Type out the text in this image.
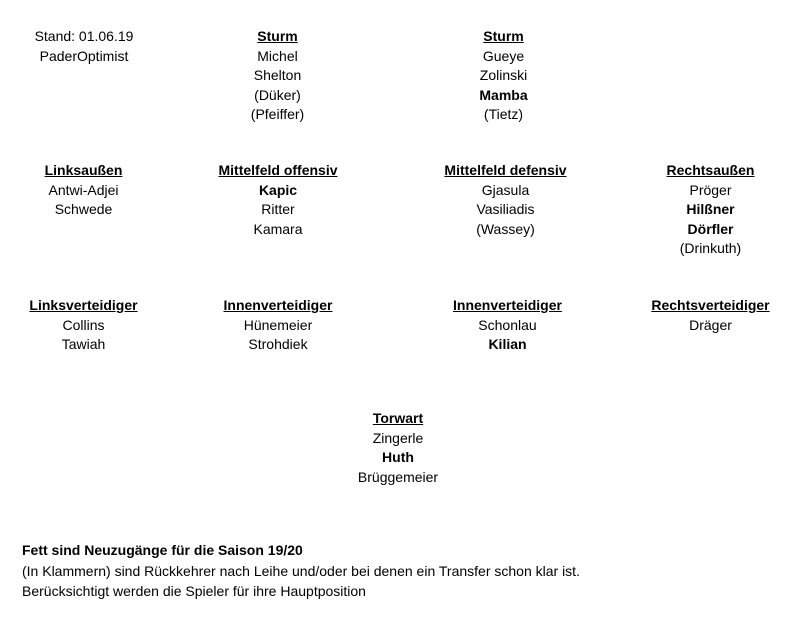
Stand: 01.06.19
PaderOptimist
Sturm
Michel
Shelton
(Düker)
(Pfeiffer)
Sturm
Gueye
Zolinski
Mamba
(Tietz)
Linksaußen
Antwi-Adjei
Schwede
Mittelfeld offensiv
Kapic
Ritter
Kamara
Mittelfeld defensiv
Gjasula
Vasiliadis
(Wassey)
Rechtsaußen
Pröger
Hilßner
Dörfler
(Drinkuth)
Linksverteidiger
Collins
Tawiah
Innenverteidiger
Hünemeier
Strohdiek
Innenverteidiger
Schonlau
Kilian
Rechtsverteidiger
Dräger
Torwart
Zingerle
Huth
Brüggemeier
Fett sind Neuzugänge für die Saison 19/20
(In Klammern) sind Rückkehrer nach Leihe und/oder bei denen ein Transfer schon klar ist.
Berücksichtigt werden die Spieler für ihre Hauptposition
